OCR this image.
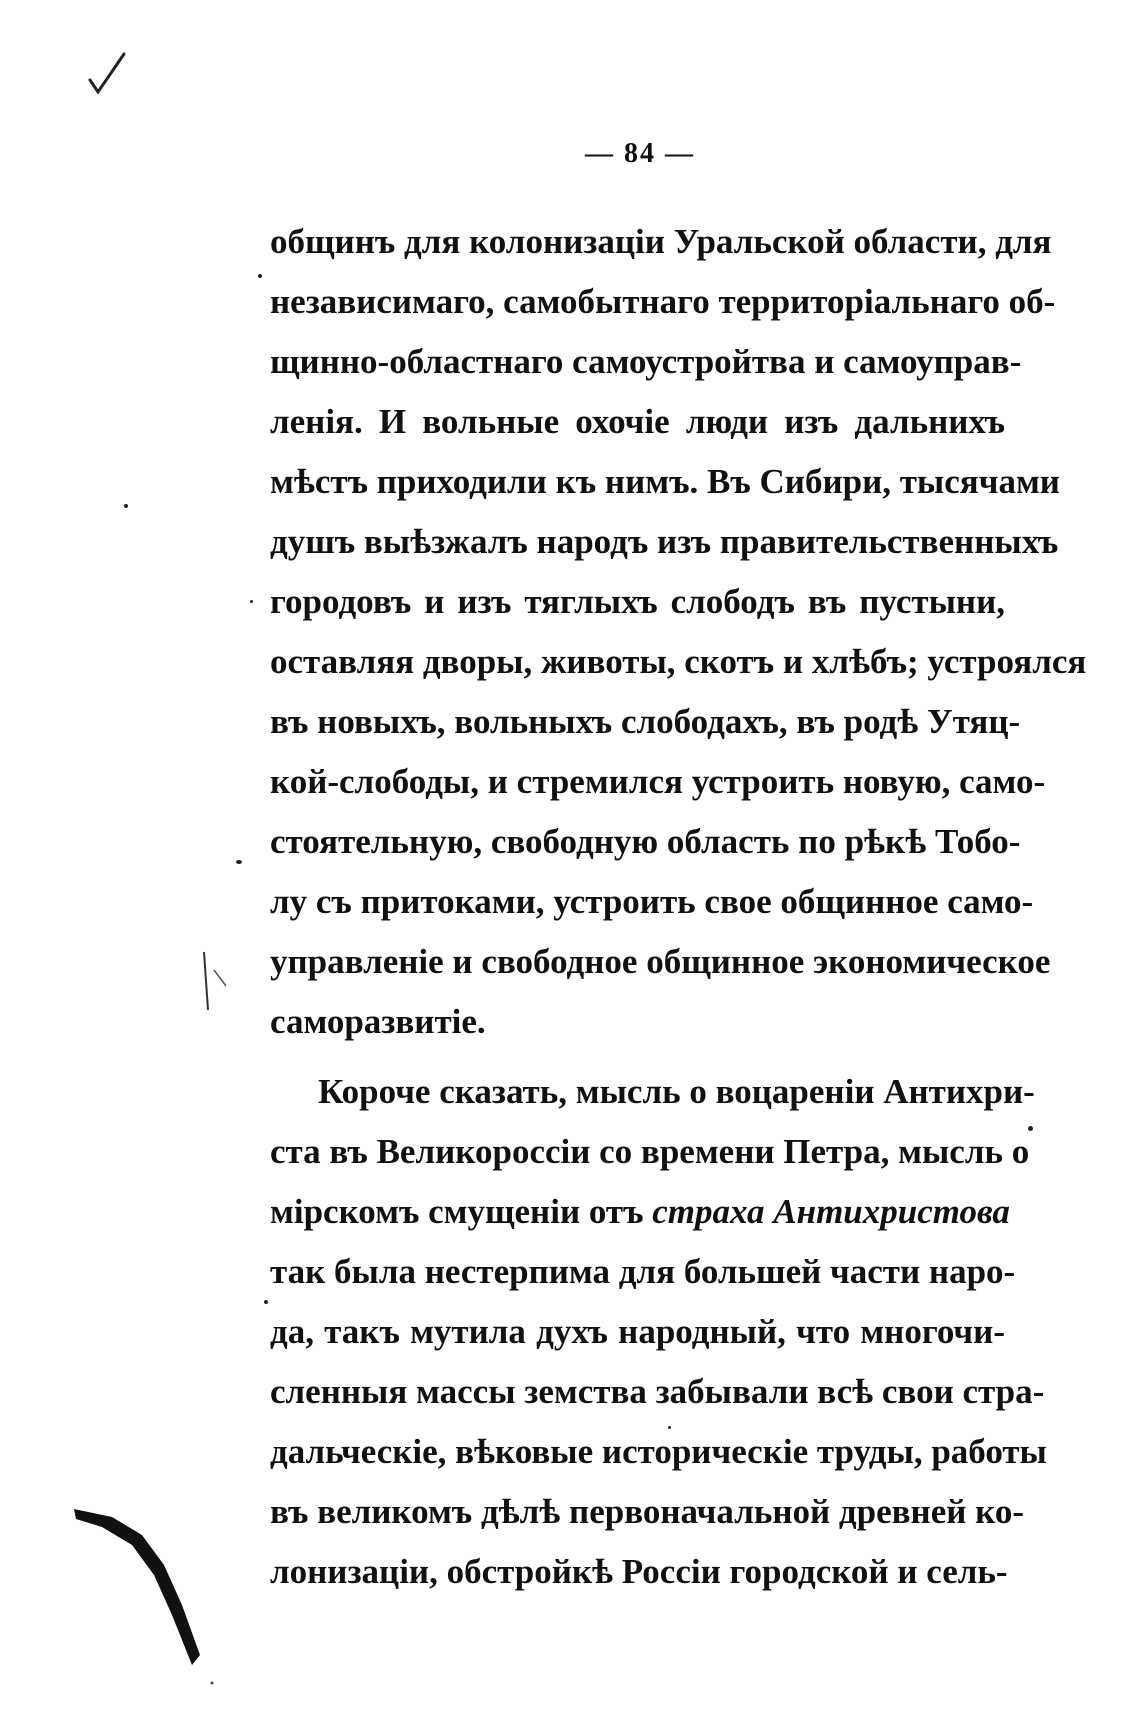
— 84 —
общинъ для колонизаціи Уральской области, для
независимаго, самобытнаго территоріальнаго об-
щинно-областнаго самоустройтва и самоуправ-
ленія. И вольные охочіе люди изъ дальнихъ
мѣстъ приходили къ нимъ. Въ Сибири, тысячами
душъ выѣзжалъ народъ изъ правительственныхъ
городовъ и изъ тяглыхъ слободъ въ пустыни,
оставляя дворы, животы, скотъ и хлѣбъ; устроялся
въ новыхъ, вольныхъ слободахъ, въ родѣ Утяц-
кой-слободы, и стремился устроить новую, само-
стоятельную, свободную область по рѣкѣ Тобо-
лу съ притоками, устроить свое общинное само-
управленіе и свободное общинное экономическое
саморазвитіе.
Короче сказать, мысль о воцареніи Антихри-
ста въ Великороссіи со времени Петра, мысль о
мірскомъ смущеніи отъ страха Антихристова
так была нестерпима для большей части наро-
да, такъ мутила духъ народный, что многочи-
сленныя массы земства забывали всѣ свои стра-
дальческіе, вѣковые историческіе труды, работы
въ великомъ дѣлѣ первоначальной древней ко-
лонизаціи, обстройкѣ Россіи городской и сель-
